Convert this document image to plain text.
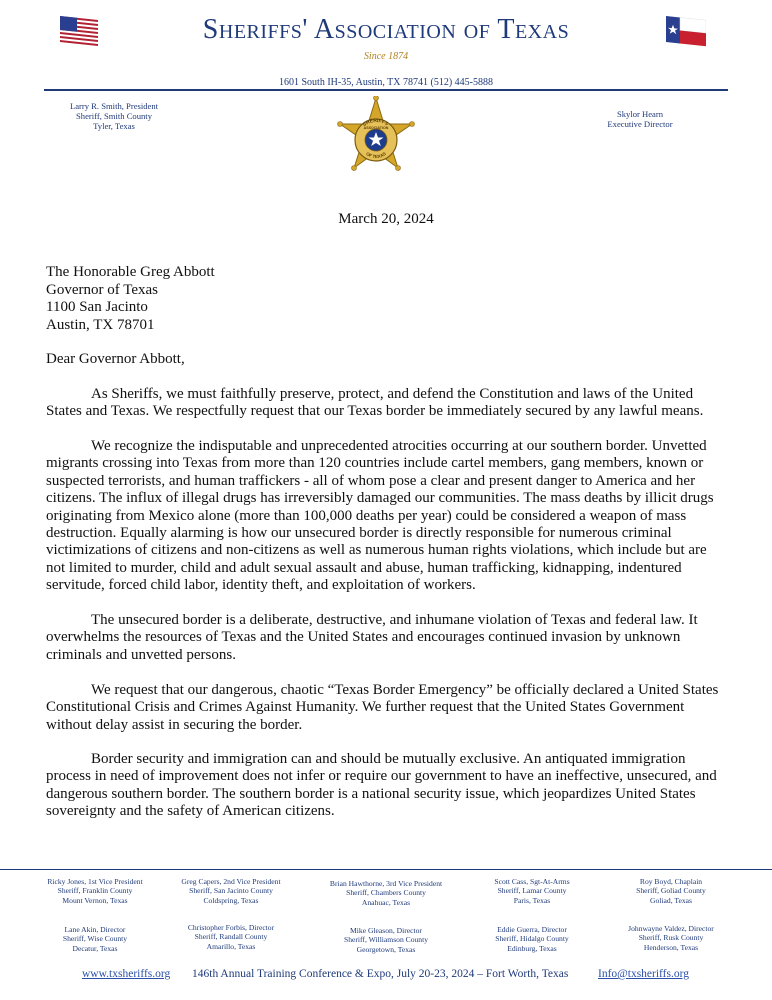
Sheriffs' Association of Texas
Since 1874
1601 South IH-35, Austin, TX 78741 (512) 445-5888
Larry R. Smith, President
Sheriff, Smith County
Tyler, Texas
Skylor Hearn
Executive Director
SHERIFFS'
OF TEXAS
ASSOCIATION
March 20, 2024
The Honorable Greg Abbott
Governor of Texas
1100 San Jacinto
Austin, TX 78701
Dear Governor Abbott,

As Sheriffs, we must faithfully preserve, protect, and defend the Constitution and laws of the United States and Texas. We respectfully request that our Texas border be immediately secured by any lawful means.

We recognize the indisputable and unprecedented atrocities occurring at our southern border. Unvetted migrants crossing into Texas from more than 120 countries include cartel members, gang members, known or suspected terrorists, and human traffickers - all of whom pose a clear and present danger to America and her citizens. The influx of illegal drugs has irreversibly damaged our communities. The mass deaths by illicit drugs originating from Mexico alone (more than 100,000 deaths per year) could be considered a weapon of mass destruction. Equally alarming is how our unsecured border is directly responsible for numerous criminal victimizations of citizens and non-citizens as well as numerous human rights violations, which include but are not limited to murder, child and adult sexual assault and abuse, human trafficking, kidnapping, indentured servitude, forced child labor, identity theft, and exploitation of workers.

The unsecured border is a deliberate, destructive, and inhumane violation of Texas and federal law. It overwhelms the resources of Texas and the United States and encourages continued invasion by unknown criminals and unvetted persons.

We request that our dangerous, chaotic “Texas Border Emergency” be officially declared a United States Constitutional Crisis and Crimes Against Humanity. We further request that the United States Government without delay assist in securing the border.

Border security and immigration can and should be mutually exclusive. An antiquated immigration process in need of improvement does not infer or require our government to have an ineffective, unsecured, and dangerous southern border. The southern border is a national security issue, which jeopardizes United States sovereignty and the safety of American citizens.

Ricky Jones, 1st Vice President
Sheriff, Franklin County
Mount Vernon, Texas
Greg Capers, 2nd Vice President
Sheriff, San Jacinto County
Coldspring, Texas
Brian Hawthorne, 3rd Vice President
Sheriff, Chambers County
Anahuac, Texas
Scott Cass, Sgt-At-Arms
Sheriff, Lamar County
Paris, Texas
Roy Boyd, Chaplain
Sheriff, Goliad County
Goliad, Texas
Lane Akin, Director
Sheriff, Wise County
Decatur, Texas
Christopher Forbis, Director
Sheriff, Randall County
Amarillo, Texas
Mike Gleason, Director
Sheriff, Williamson County
Georgetown, Texas
Eddie Guerra, Director
Sheriff, Hidalgo County
Edinburg, Texas
Johnwayne Valdez, Director
Sheriff, Rusk County
Henderson, Texas
www.txsheriffs.org 146th Annual Training Conference & Expo, July 20-23, 2024 – Fort Worth, Texas	Info@txsheriffs.org
